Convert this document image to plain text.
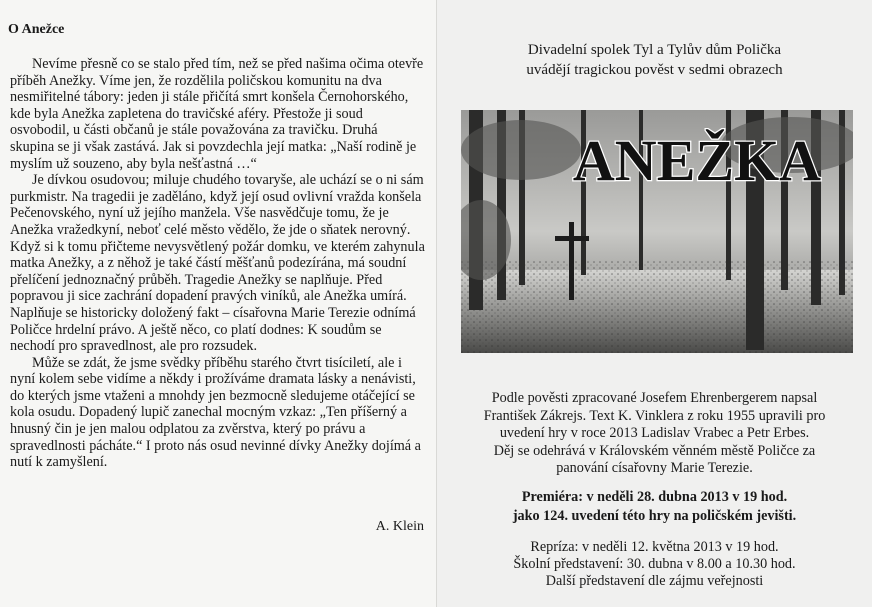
O Anežce

Nevíme přesně co se stalo před tím, než se před našima očima otevře příběh Anežky. Víme jen, že rozdělila poličskou komunitu na dva nesmiřitelné tábory: jeden ji stále přičítá smrt konšela Černohorského, kde byla Anežka zapletena do travičské aféry. Přestože ji soud osvobodil, u části občanů je stále považována za travičku. Druhá skupina se ji však zastává. Jak si povzdechla její matka: „Naší rodině je myslím už souzeno, aby byla nešťastná …“

Je dívkou osudovou; miluje chudého tovaryše, ale uchází se o ni sám purkmistr. Na tragedii je zaděláno, když její osud ovlivní vražda konšela Pečenovského, nyní už jejího manžela. Vše nasvědčuje tomu, že je Anežka vražedkyní, neboť celé město vědělo, že jde o sňatek nerovný. Když si k tomu přičteme nevysvětlený požár domku, ve kterém zahynula matka Anežky, a z něhož je také částí měšťanů podezírána, má soudní přelíčení jednoznačný průběh. Tragedie Anežky se naplňuje. Před popravou ji sice zachrání dopadení pravých viníků, ale Anežka umírá. Naplňuje se historicky doložený fakt – císařovna Marie Terezie odnímá Poličce hrdelní právo. A ještě něco, co platí dodnes: K soudům se nechodí pro spravedlnost, ale pro rozsudek.

Může se zdát, že jsme svědky příběhu starého čtvrt tisíciletí, ale i nyní kolem sebe vidíme a někdy i prožíváme dramata lásky a nenávisti, do kterých jsme vtaženi a mnohdy jen bezmocně sledujeme otáčející se kola osudu. Dopadený lupič zanechal mocným vzkaz: „Ten příšerný a hnusný čin je jen malou odplatou za zvěrstva, který po právu a spravedlnosti pácháte.“ I proto nás osud nevinné dívky Anežky dojímá a nutí k zamyšlení.

A. Klein
Divadelní spolek Tyl a Tylův dům Polička
uvádějí tragickou pověst v sedmi obrazech
ANEŽKA
Podle pověsti zpracované Josefem Ehrenbergerem napsal
František Zákrejs. Text K. Vinklera z roku 1955 upravili pro
uvedení hry v roce 2013 Ladislav Vrabec a Petr Erbes.
Děj se odehrává v Královském věnném městě Poličce za
panování císařovny Marie Terezie.
Premiéra: v neděli 28. dubna 2013 v 19 hod.
jako 124. uvedení této hry na poličském jevišti.
Repríza: v neděli 12. května 2013 v 19 hod.
Školní představení: 30. dubna v 8.00 a 10.30 hod.
Další představení dle zájmu veřejnosti
